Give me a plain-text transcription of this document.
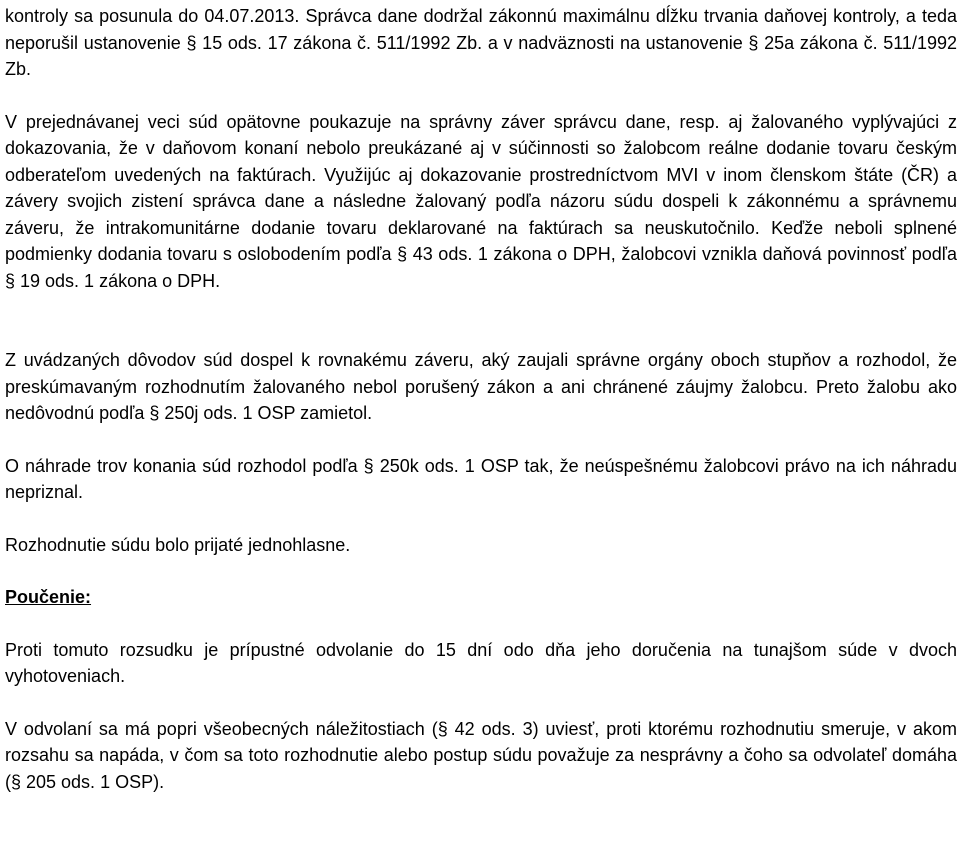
kontroly sa posunula do 04.07.2013. Správca dane dodržal zákonnú maximálnu dĺžku trvania daňovej kontroly, a teda neporušil ustanovenie § 15 ods. 17 zákona č. 511/1992 Zb. a v nadväznosti na ustanovenie § 25a zákona č. 511/1992 Zb.

V prejednávanej veci súd opätovne poukazuje na správny záver správcu dane, resp. aj žalovaného vyplývajúci z dokazovania, že v daňovom konaní nebolo preukázané aj v súčinnosti so žalobcom reálne dodanie tovaru českým odberateľom uvedených na faktúrach. Využijúc aj dokazovanie prostredníctvom MVI v inom členskom štáte (ČR) a závery svojich zistení správca dane a následne žalovaný podľa názoru súdu dospeli k zákonnému a správnemu záveru, že intrakomunitárne dodanie tovaru deklarované na faktúrach sa neuskutočnilo. Keďže neboli splnené podmienky dodania tovaru s oslobodením podľa § 43 ods. 1 zákona o DPH, žalobcovi vznikla daňová povinnosť podľa § 19 ods. 1 zákona o DPH.

Z uvádzaných dôvodov súd dospel k rovnakému záveru, aký zaujali správne orgány oboch stupňov a rozhodol, že preskúmavaným rozhodnutím žalovaného nebol porušený zákon a ani chránené záujmy žalobcu. Preto žalobu ako nedôvodnú podľa § 250j ods. 1 OSP zamietol.

O náhrade trov konania súd rozhodol podľa § 250k ods. 1 OSP tak, že neúspešnému žalobcovi právo na ich náhradu nepriznal.

Rozhodnutie súdu bolo prijaté jednohlasne.

Poučenie:

Proti tomuto rozsudku je prípustné odvolanie do 15 dní odo dňa jeho doručenia na tunajšom súde v dvoch vyhotoveniach.

V odvolaní sa má popri všeobecných náležitostiach (§ 42 ods. 3) uviesť, proti ktorému rozhodnutiu smeruje, v akom rozsahu sa napáda, v čom sa toto rozhodnutie alebo postup súdu považuje za nesprávny a čoho sa odvolateľ domáha (§ 205 ods. 1 OSP).
